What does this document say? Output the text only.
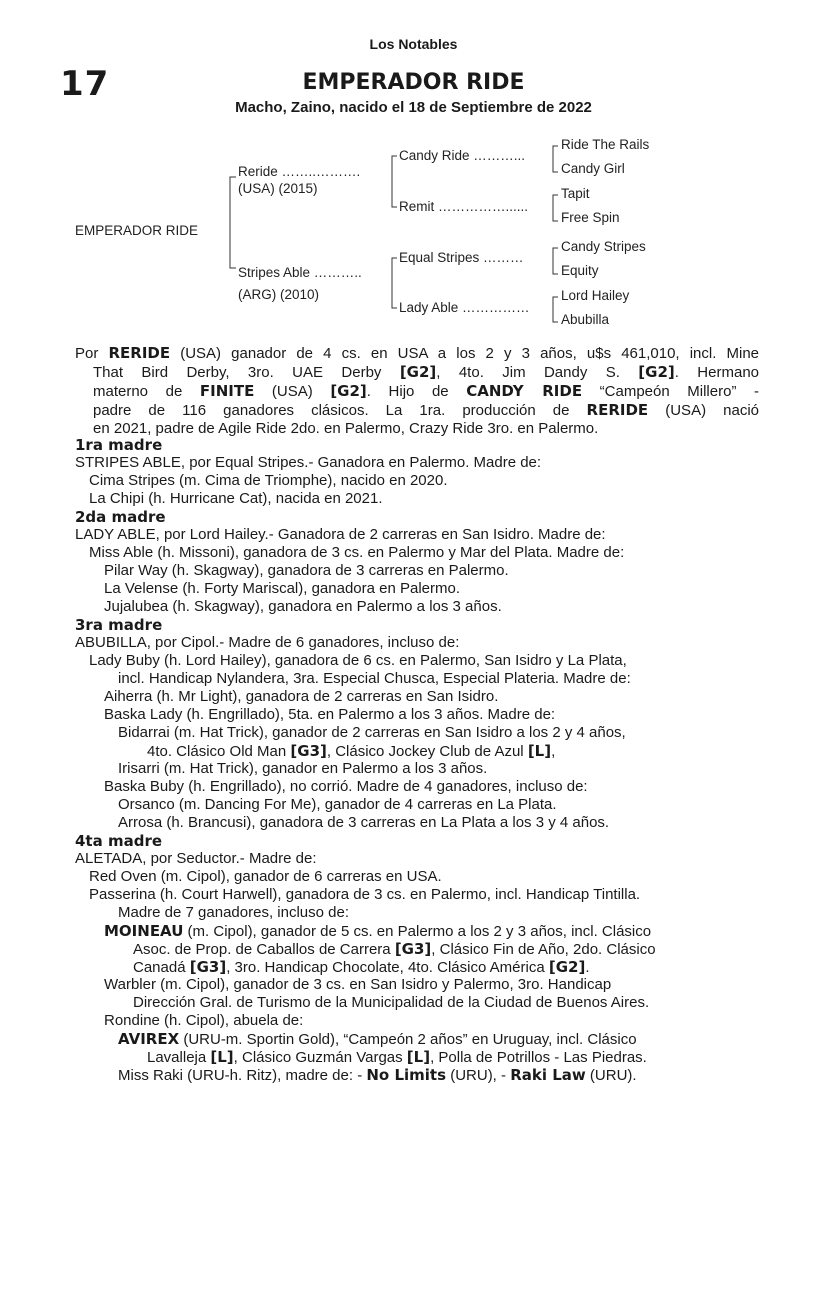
Los Notables
17	EMPERADOR RIDE
Macho, Zaino, nacido el 18 de Septiembre de 2022
EMPERADOR RIDE
Reride ……..……….
(USA) (2015)
Stripes Able ………..
(ARG) (2010)
Candy Ride ………...
Remit ……………......
Equal Stripes ………
Lady Able ……………
Ride The Rails
Candy Girl
Tapit
Free Spin
Candy Stripes
Equity
Lord Hailey
Abubilla
Por RERIDE (USA) ganador de 4 cs. en USA a los 2 y 3 años, u$s 461,010, incl. Mine
That Bird Derby, 3ro. UAE Derby [G2], 4to. Jim Dandy S. [G2]. Hermano
materno de FINITE (USA) [G2]. Hijo de CANDY RIDE “Campeón Millero” -
padre de 116 ganadores clásicos. La 1ra. producción de RERIDE (USA) nació
en 2021, padre de Agile Ride 2do. en Palermo, Crazy Ride 3ro. en Palermo.
1ra madre
STRIPES ABLE, por Equal Stripes.- Ganadora en Palermo. Madre de:
Cima Stripes (m. Cima de Triomphe), nacido en 2020.
La Chipi (h. Hurricane Cat), nacida en 2021.
2da madre
LADY ABLE, por Lord Hailey.- Ganadora de 2 carreras en San Isidro. Madre de:
Miss Able (h. Missoni), ganadora de 3 cs. en Palermo y Mar del Plata. Madre de:
Pilar Way (h. Skagway), ganadora de 3 carreras en Palermo.
La Velense (h. Forty Mariscal), ganadora en Palermo.
Jujalubea (h. Skagway), ganadora en Palermo a los 3 años.
3ra madre
ABUBILLA, por Cipol.- Madre de 6 ganadores, incluso de:
Lady Buby (h. Lord Hailey), ganadora de 6 cs. en Palermo, San Isidro y La Plata,
incl. Handicap Nylandera, 3ra. Especial Chusca, Especial Plateria. Madre de:
Aiherra (h. Mr Light), ganadora de 2 carreras en San Isidro.
Baska Lady (h. Engrillado), 5ta. en Palermo a los 3 años. Madre de:
Bidarrai (m. Hat Trick), ganador de 2 carreras en San Isidro a los 2 y 4 años,
4to. Clásico Old Man [G3], Clásico Jockey Club de Azul [L],
Irisarri (m. Hat Trick), ganador en Palermo a los 3 años.
Baska Buby (h. Engrillado), no corrió. Madre de 4 ganadores, incluso de:
Orsanco (m. Dancing For Me), ganador de 4 carreras en La Plata.
Arrosa (h. Brancusi), ganadora de 3 carreras en La Plata a los 3 y 4 años.
4ta madre
ALETADA, por Seductor.- Madre de:
Red Oven (m. Cipol), ganador de 6 carreras en USA.
Passerina (h. Court Harwell), ganadora de 3 cs. en Palermo, incl. Handicap Tintilla.
Madre de 7 ganadores, incluso de:
MOINEAU (m. Cipol), ganador de 5 cs. en Palermo a los 2 y 3 años, incl. Clásico
Asoc. de Prop. de Caballos de Carrera [G3], Clásico Fin de Año, 2do. Clásico
Canadá [G3], 3ro. Handicap Chocolate, 4to. Clásico América [G2].
Warbler (m. Cipol), ganador de 3 cs. en San Isidro y Palermo, 3ro. Handicap
Dirección Gral. de Turismo de la Municipalidad de la Ciudad de Buenos Aires.
Rondine (h. Cipol), abuela de:
AVIREX (URU-m. Sportin Gold), “Campeón 2 años” en Uruguay, incl. Clásico
Lavalleja [L], Clásico Guzmán Vargas [L], Polla de Potrillos - Las Piedras.
Miss Raki (URU-h. Ritz), madre de: - No Limits (URU), - Raki Law (URU).
